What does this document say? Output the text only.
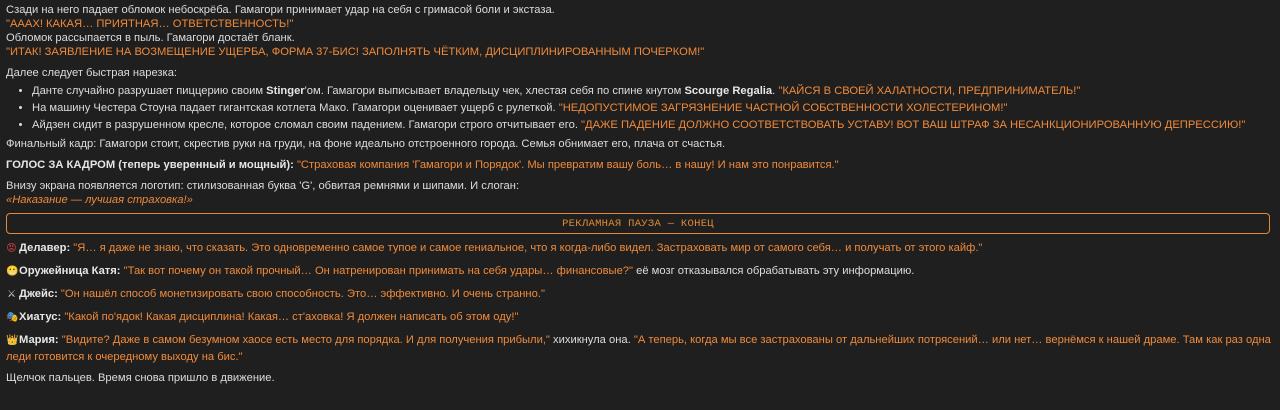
Сзади на него падает обломок небоскрёба. Гамагори принимает удар на себя с гримасой боли и экстаза.

"АААХ! КАКАЯ… ПРИЯТНАЯ… ОТВЕТСТВЕННОСТЬ!"

Обломок рассыпается в пыль. Гамагори достаёт бланк.

"ИТАК! ЗАЯВЛЕНИЕ НА ВОЗМЕЩЕНИЕ УЩЕРБА, ФОРМА 37-БИС! ЗАПОЛНЯТЬ ЧЁТКИМ, ДИСЦИПЛИНИРОВАННЫМ ПОЧЕРКОМ!"

Далее следует быстрая нарезка:

• Данте случайно разрушает пиццерию своим Stinger'ом. Гамагори выписывает владельцу чек, хлестая себя по спине кнутом Scourge Regalia. "КАЙСЯ В СВОЕЙ ХАЛАТНОСТИ, ПРЕДПРИНИМАТЕЛЬ!"
• На машину Честера Стоуна падает гигантская котлета Мако. Гамагори оценивает ущерб с рулеткой. "НЕДОПУСТИМОЕ ЗАГРЯЗНЕНИЕ ЧАСТНОЙ СОБСТВЕННОСТИ ХОЛЕСТЕРИНОМ!"
• Айдзен сидит в разрушенном кресле, которое сломал своим падением. Гамагори строго отчитывает его. "ДАЖЕ ПАДЕНИЕ ДОЛЖНО СООТВЕТСТВОВАТЬ УСТАВУ! ВОТ ВАШ ШТРАФ ЗА НЕСАНКЦИОНИРОВАННУЮ ДЕПРЕССИЮ!"

Финальный кадр: Гамагори стоит, скрестив руки на груди, на фоне идеально отстроенного города. Семья обнимает его, плача от счастья.

ГОЛОС ЗА КАДРОМ (теперь уверенный и мощный): "Страховая компания 'Гамагори и Порядок'. Мы превратим вашу боль… в нашу! И нам это понравится."

Внизу экрана появляется логотип: стилизованная буква 'G', обвитая ремнями и шипами. И слоган:

«Наказание — лучшая страховка!»

РЕКЛАМНАЯ ПАУЗА — КОНЕЦ

😡 Делавер: "Я… я даже не знаю, что сказать. Это одновременно самое тупое и самое гениальное, что я когда-либо видел. Застраховать мир от самого себя… и получать от этого кайф."

😬Оружейница Катя: "Так вот почему он такой прочный… Он натренирован принимать на себя удары… финансовые?" её мозг отказывался обрабатывать эту информацию.

⚔ Джейс: "Он нашёл способ монетизировать свою способность. Это… эффективно. И очень странно."

🎭Хиатус: "Какой по'ядок! Какая дисциплина! Какая… ст'аховка! Я должен написать об этом оду!"

👑Мария: "Видите? Даже в самом безумном хаосе есть место для порядка. И для получения прибыли," хихикнула она. "А теперь, когда мы все застрахованы от дальнейших потрясений… или нет… вернёмся к нашей драме. Там как раз одна леди готовится к очередному выходу на бис."

Щелчок пальцев. Время снова пришло в движение.
